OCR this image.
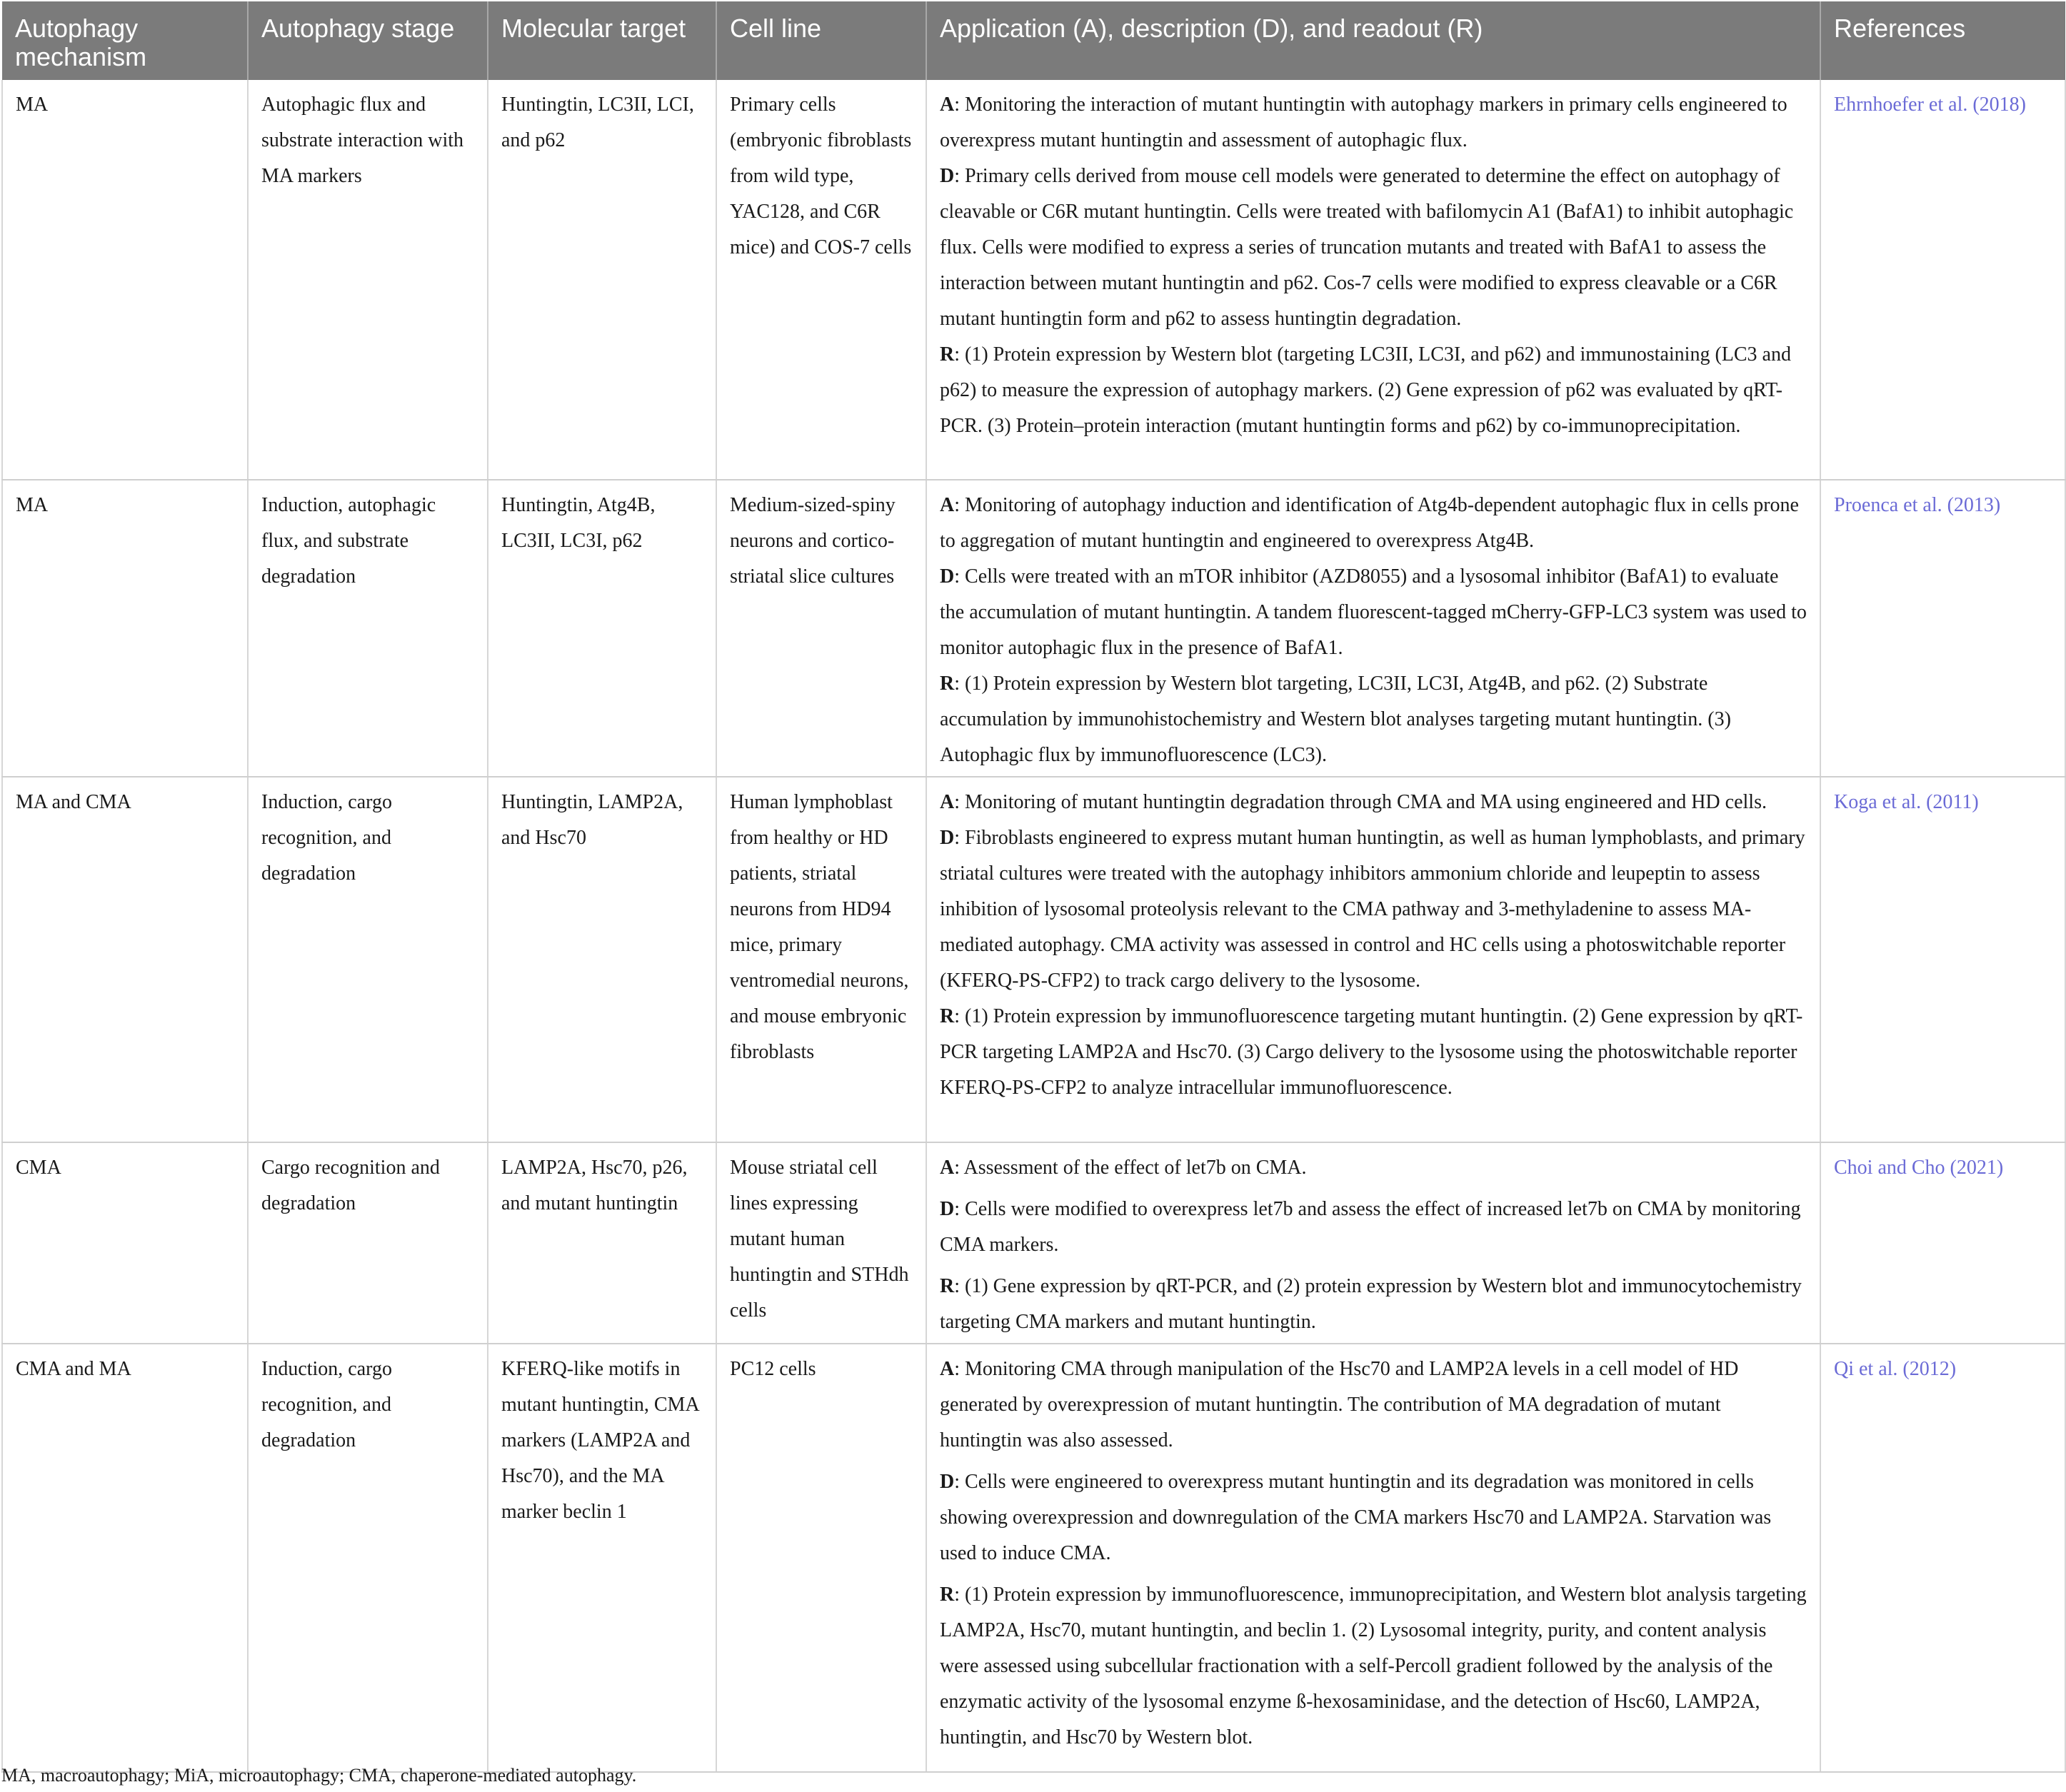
Autophagy mechanism	Autophagy stage	Molecular target	Cell line	Application (A), description (D), and readout (R)	References
MA	Autophagic flux and substrate interaction with MA markers	Huntingtin, LC3II, LCI, and p62	Primary cells (embryonic fibroblasts from wild type, YAC128, and C6R mice) and COS-7 cells	A: Monitoring the interaction of mutant huntingtin with autophagy markers in primary cells engineered to overexpress mutant huntingtin and assessment of autophagic flux.

D: Primary cells derived from mouse cell models were generated to determine the effect on autophagy of cleavable or C6R mutant huntingtin. Cells were treated with bafilomycin A1 (BafA1) to inhibit autophagic flux. Cells were modified to express a series of truncation mutants and treated with BafA1 to assess the interaction between mutant huntingtin and p62. Cos-7 cells were modified to express cleavable or a C6R mutant huntingtin form and p62 to assess huntingtin degradation.

R: (1) Protein expression by Western blot (targeting LC3II, LC3I, and p62) and immunostaining (LC3 and p62) to measure the expression of autophagy markers. (2) Gene expression of p62 was evaluated by qRT-PCR. (3) Protein–protein interaction (mutant huntingtin forms and p62) by co-immunoprecipitation.	Ehrnhoefer et al. (2018)
MA	Induction, autophagic flux, and substrate degradation	Huntingtin, Atg4B, LC3II, LC3I, p62	Medium-sized-spiny neurons and cortico-striatal slice cultures	A: Monitoring of autophagy induction and identification of Atg4b-dependent autophagic flux in cells prone to aggregation of mutant huntingtin and engineered to overexpress Atg4B.

D: Cells were treated with an mTOR inhibitor (AZD8055) and a lysosomal inhibitor (BafA1) to evaluate the accumulation of mutant huntingtin. A tandem fluorescent-tagged mCherry-GFP-LC3 system was used to monitor autophagic flux in the presence of BafA1.

R: (1) Protein expression by Western blot targeting, LC3II, LC3I, Atg4B, and p62. (2) Substrate accumulation by immunohistochemistry and Western blot analyses targeting mutant huntingtin. (3) Autophagic flux by immunofluorescence (LC3).	Proenca et al. (2013)
MA and CMA	Induction, cargo recognition, and degradation	Huntingtin, LAMP2A, and Hsc70	Human lymphoblast from healthy or HD patients, striatal neurons from HD94 mice, primary ventromedial neurons, and mouse embryonic fibroblasts	A: Monitoring of mutant huntingtin degradation through CMA and MA using engineered and HD cells.

D: Fibroblasts engineered to express mutant human huntingtin, as well as human lymphoblasts, and primary striatal cultures were treated with the autophagy inhibitors ammonium chloride and leupeptin to assess inhibition of lysosomal proteolysis relevant to the CMA pathway and 3-methyladenine to assess MA-mediated autophagy. CMA activity was assessed in control and HC cells using a photoswitchable reporter (KFERQ-PS-CFP2) to track cargo delivery to the lysosome.

R: (1) Protein expression by immunofluorescence targeting mutant huntingtin. (2) Gene expression by qRT-PCR targeting LAMP2A and Hsc70. (3) Cargo delivery to the lysosome using the photoswitchable reporter KFERQ-PS-CFP2 to analyze intracellular immunofluorescence.	Koga et al. (2011)
CMA	Cargo recognition and degradation	LAMP2A, Hsc70, p26, and mutant huntingtin	Mouse striatal cell lines expressing mutant human huntingtin and STHdh cells	A: Assessment of the effect of let7b on CMA.

D: Cells were modified to overexpress let7b and assess the effect of increased let7b on CMA by monitoring CMA markers.

R: (1) Gene expression by qRT-PCR, and (2) protein expression by Western blot and immunocytochemistry targeting CMA markers and mutant huntingtin.	Choi and Cho (2021)
CMA and MA	Induction, cargo recognition, and degradation	KFERQ-like motifs in mutant huntingtin, CMA markers (LAMP2A and Hsc70), and the MA marker beclin 1	PC12 cells	A: Monitoring CMA through manipulation of the Hsc70 and LAMP2A levels in a cell model of HD generated by overexpression of mutant huntingtin. The contribution of MA degradation of mutant huntingtin was also assessed.

D: Cells were engineered to overexpress mutant huntingtin and its degradation was monitored in cells showing overexpression and downregulation of the CMA markers Hsc70 and LAMP2A. Starvation was used to induce CMA.

R: (1) Protein expression by immunofluorescence, immunoprecipitation, and Western blot analysis targeting LAMP2A, Hsc70, mutant huntingtin, and beclin 1. (2) Lysosomal integrity, purity, and content analysis were assessed using subcellular fractionation with a self-Percoll gradient followed by the analysis of the enzymatic activity of the lysosomal enzyme ß-hexosaminidase, and the detection of Hsc60, LAMP2A, huntingtin, and Hsc70 by Western blot.	Qi et al. (2012)
MA, macroautophagy; MiA, microautophagy; CMA, chaperone-mediated autophagy.
